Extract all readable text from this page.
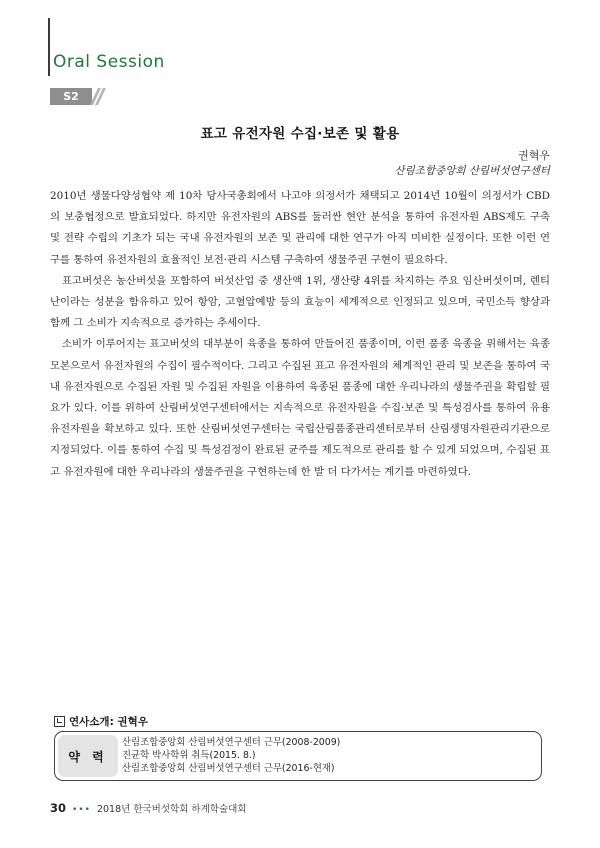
Oral Session
S2
표고 유전자원 수집·보존 및 활용
권혁우
산림조합중앙회 산림버섯연구센터

2010년 생물다양성협약 제 10차 당사국총회에서 나고야 의정서가 채택되고 2014년 10월이 의정서가 CBD의 보충협정으로 발효되었다. 하지만 유전자원의 ABS를 둘러싼 현안 분석을 통하여 유전자원 ABS제도 구축 및 전략 수립의 기초가 되는 국내 유전자원의 보존 및 관리에 대한 연구가 아직 미비한 실정이다. 또한 이런 연구를 통하여 유전자원의 효율적인 보전·관리 시스템 구축하여 생물주권 구현이 필요하다.

표고버섯은 농산버섯을 포함하여 버섯산업 중 생산액 1위, 생산량 4위를 차지하는 주요 임산버섯이며, 렌티난이라는 성분을 함유하고 있어 항암, 고혈압예방 등의 효능이 세계적으로 인정되고 있으며, 국민소득 향상과 함께 그 소비가 지속적으로 증가하는 추세이다.

소비가 이루어지는 표고버섯의 대부분이 육종을 통하여 만들어진 품종이며, 이런 품종 육종을 위해서는 육종모본으로서 유전자원의 수집이 필수적이다. 그리고 수집된 표고 유전자원의 체계적인 관리 및 보존을 통하여 국내 유전자원으로 수집된 자원 및 수집된 자원을 이용하여 육종된 품종에 대한 우리나라의 생물주권을 확립할 필요가 있다. 이를 위하여 산림버섯연구센터에서는 지속적으로 유전자원을 수집·보존 및 특성검사를 통하여 유용 유전자원을 확보하고 있다. 또한 산림버섯연구센터는 국립산림품종관리센터로부터 산림생명자원관리기관으로 지정되었다. 이를 통하여 수집 및 특성검정이 완료된 균주를 제도적으로 관리를 할 수 있게 되었으며, 수집된 표고 유전자원에 대한 우리나라의 생물주권을 구현하는데 한 발 더 다가서는 계기를 마련하였다.

연사소개: 권혁우
약 력
산림조합중앙회 산림버섯연구센터 근무(2008-2009)
진균학 박사학위 취득(2015. 8.)
산림조합중앙회 산림버섯연구센터 근무(2016-현재)
30 ••• 2018년 한국버섯학회 하계학술대회
